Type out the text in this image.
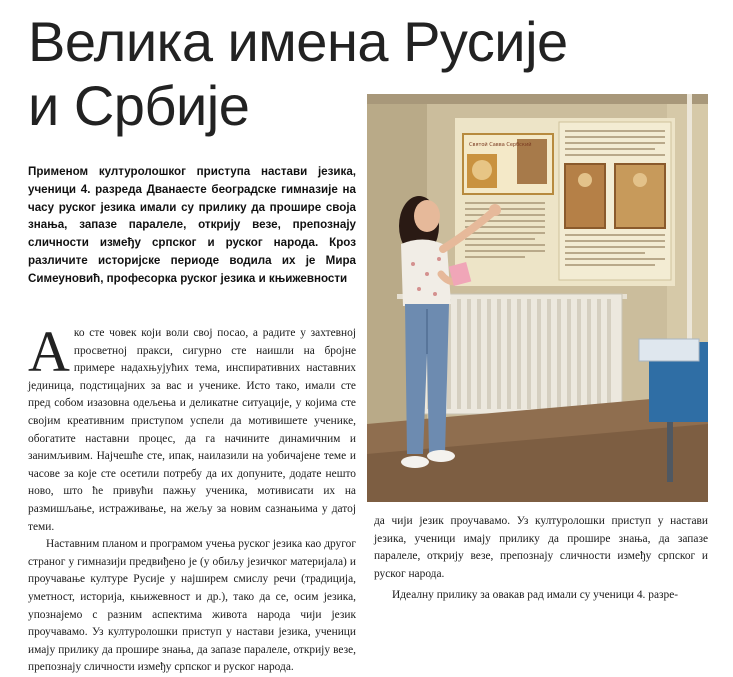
Велика имена Русије
и Србије
Применом културолошког приступа настави језика, ученици 4. разреда Дванаесте београдске гимназије на часу руског језика имали су прилику да прошире своја знања, запазе паралеле, открију везе, препознају сличности између српског и руског народа. Кроз различите историјске периоде водила их је Мира Симеуновић, професорка руског језика и књижевности

Ако сте човек који воли свој посао, а радите у захтевној просветној пракси, сигурно сте наишли на бројне примере надахњујућих тема, инспиративних наставних јединица, подстицајних за вас и ученике. Исто тако, имали сте пред собом изазовна одељења и деликатне ситуације, у којима сте својим креативним приступом успели да мотивишете ученике, обогатите наставни процес, да га начините динамичним и занимљивим. Најчешће сте, ипак, наилазили на уобичајене теме и часове за које сте осетили потребу да их допуните, додате нешто ново, што ће привући пажњу ученика, мотивисати их на размишљање, истраживање, на жељу за новим сазнањима у датој теми.

Наставним планом и програмом учења руског језика као другог страног у гимназији предвиђено је (у обиљу језичког материјала) и проучавање културе Русије у најширем смислу речи (традиција, уметност, историја, књижевност и др.), тако да се, осим језика, упознајемо с разним аспектима живота народа чији језик проучавамо. Уз културолошки приступ у настави језика, ученици имају прилику да прошире знања, да запазе паралеле, открију везе, препознају сличности између српског и руског народа.

Святой Савва Сербский

да чији језик проучавамо. Уз културолошки приступ у настави језика, ученици имају прилику да прошире знања, да запазе паралеле, открију везе, препознају сличности између српског и руског народа.

Идеалну прилику за овакав рад имали су ученици 4. разре-
